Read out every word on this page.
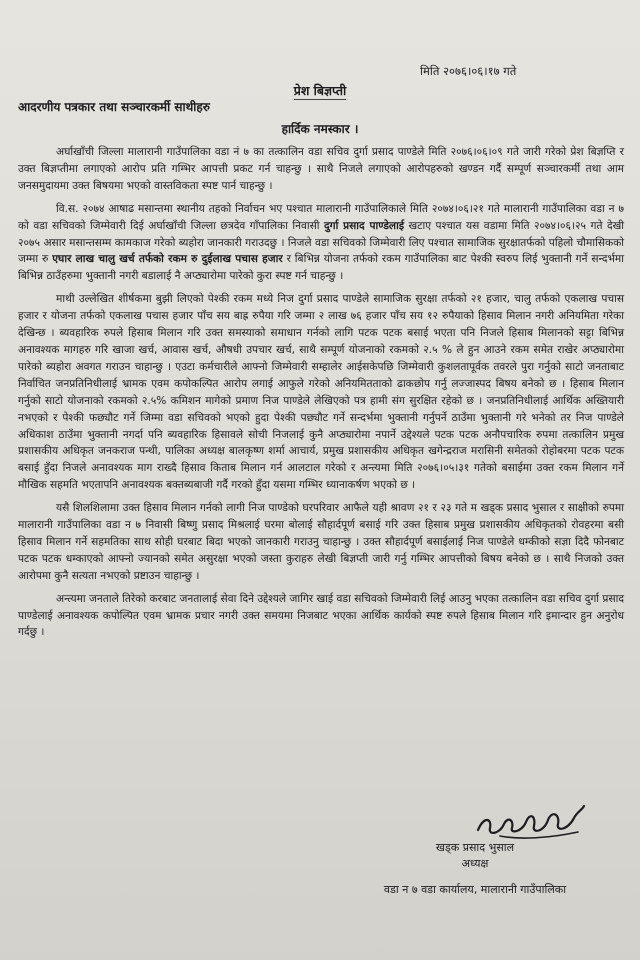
मिति २०७६।०६।१७ गते
प्रेश बिज्ञप्ती
आदरणीय पत्रकार तथा सञ्चारकर्मी साथीहरु
हार्दिक नमस्कार ।

अर्घाखाँची जिल्ला मालारानी गाउँपालिका वडा नं ७ का तत्कालिन वडा सचिव दुर्गा प्रसाद पाण्डेले मिति २०७६।०६।०९ गते जारी गरेको प्रेश बिज्ञप्ति र उक्त बिज्ञप्तीमा लगाएको आरोप प्रति गम्भिर आपत्ती प्रकट गर्न चाहन्छु । साथै निजले लगाएको आरोपहरुको खण्डन गर्दै सम्पूर्ण सञ्चारकर्मी तथा आम जनसमुदायमा उक्त बिषयमा भएको वास्तविकता स्पष्ट पार्न चाहन्छु ।

वि.स. २०७४ आषाढ मसान्तमा स्थानीय तहको निर्वाचन भए पश्चात मालारानी गाउँपालिकाले मिति २०७४।०६।२१ गते मालारानी गाउँपालिका वडा न ७ को वडा सचिवको जिम्मेवारी दिई अर्घाखाँची जिल्ला छत्रदेव गाँपालिका निवासी दुर्गा प्रसाद पाण्डेलाई खटाए पश्चात यस वडामा मिति २०७४।०६।२५ गते देखी २०७५ असार मसान्तसम्म कामकाज गरेको ब्यहोरा जानकारी गराउदछु । निजले वडा सचिवको जिम्मेवारी लिए पश्चात सामाजिक सुरक्षातर्फको पहिलो चौमासिकको जम्मा रु एघार लाख चालु खर्च तर्फको रकम रु दुईलाख पचास हजार र बिभिन्न योजना तर्फको रकम गाउँपालिका बाट पेश्की स्वरुप लिई भुक्तानी गर्ने सन्दर्भमा बिभिन्न ठाउँहरुमा भुक्तानी नगरी बडालाई नै अप्ठ्यारोमा पारेको कुरा स्पष्ट गर्न चाहन्छु ।

माथी उल्लेखित शीर्षकमा बुझी लिएको पेश्की रकम मध्ये निज दुर्गा प्रसाद पाण्डेले सामाजिक सुरक्षा तर्फको २१ हजार, चालु तर्फको एकलाख पचास हजार र योजना तर्फको एकलाख पचास हजार पाँच सय बाह्र रुपैया गरि जम्मा २ लाख ७६ हजार पाँच सय १२ रुपैयाको हिसाव मिलान नगरी अनियमिता गरेका देखिन्छ । ब्यवहारिक रुपले हिसाब मिलान गरि उक्त समस्याको समाधान गर्नको लागि पटक पटक बसाई भएता पनि निजले हिसाब मिलानको सट्टा बिभिन्न अनावश्यक मागहरु गरि खाजा खर्च, आवास खर्च, औषधी उपचार खर्च, साथै सम्पूर्ण योजनाको रकमको २.५ % ले हुन आउने रकम समेत राखेर अप्ठ्यारोमा पारेको ब्यहोरा अवगत गराउन चाहान्छु । एउटा कर्मचारीले आफ्नो जिम्मेवारी सम्हालेर आईसकेपछि जिम्मेवारी कुशलतापूर्वक तवरले पुरा गर्नुको साटो जनताबाट निर्वाचित जनप्रतिनिधीलाई भ्रामक एवम कपोकल्पित आरोप लगाई आफुले गरेको अनियमितताको ढाकछोप गर्नु लज्जास्पद बिषय बनेको छ । हिसाब मिलान गर्नुको साटो योजनाको रकमको २.५% कमिशन मागेको प्रमाण निज पाण्डेले लेखिएको पत्र हामी संग सुरक्षित रहेको छ । जनप्रतिनिधीलाई आर्थिक अख्तियारी नभएको र पेश्की फछ्यौट गर्ने जिम्मा वडा सचिवको भएको हुदा पेश्की पछ्यौट गर्ने सन्दर्भमा भुक्तानी गर्नुपर्ने ठाउँमा भुक्तानी गरे भनेको तर निज पाण्डेले अधिकाश ठाउँमा भुक्तानी नगर्दा पनि ब्यवहारिक हिसावले सोची निजलाई कुनै अप्ठ्यारोमा नपार्ने उद्देश्यले पटक पटक अनौपचारिक रुपमा तत्कालिन प्रमुख प्रशासकीय अधिकृत जनकराज पन्थी, पालिका अध्यक्ष बालकृष्ण शर्मा आचार्य, प्रमुख प्रशासकीय अधिकृत खगेन्द्रराज मरासिनी समेतको रोहोबरमा पटक पटक बसाई हुँदा निजले अनावश्यक माग राख्दै हिसाव किताब मिलान गर्न आलटाल गरेको र अन्त्यमा मिति २०७६।०५।३१ गतेको बसाईमा उक्त रकम मिलान गर्ने मौखिक सहमति भएतापनि अनावश्यक बक्तब्यबाजी गर्दै गरको हुँदा यसमा गम्भिर ध्यानाकर्षण भएको छ ।

यसै शिलशिलामा उक्त हिसाव मिलान गर्नको लागी निज पाण्डेको घरपरिवार आफैले यही श्रावण २१ र २३ गते म खड्क प्रसाद भुसाल र साक्षीको रुपमा मालारानी गाउँपालिका वडा न ७ निवासी बिष्णु प्रसाद मिश्रलाई घरमा बोलाई सौहार्दपूर्ण बसाई गरि उक्त हिसाब प्रमुख प्रशासकीय अधिकृतको रोवहरमा बसी हिसाव मिलान गर्ने सहमतिका साथ सोही घरबाट बिदा भएको जानकारी गराउनु चाहान्छु । उक्त सौहार्दपूर्ण बसाईलाई निज पाण्डेले धम्कीको सज्ञा दिदै फोनबाट पटक पटक धम्काएको आफ्नो ज्यानको समेत असुरक्षा भएको जस्ता कुराहरु लेखी बिज्ञप्ती जारी गर्नु गम्भिर आपत्तीको बिषय बनेको छ । साथै निजको उक्त आरोपमा कुनै सत्यता नभएको प्रष्टाउन चाहान्छु ।

अन्त्यमा जनताले तिरेको करबाट जनतालाई सेवा दिने उद्देश्यले जागिर खाई वडा सचिवको जिम्मेवारी लिई आउनु भएका तत्कालिन वडा सचिव दुर्गा प्रसाद पाण्डेलाई अनावश्यक कपोल्पित एवम भ्रामक प्रचार नगरी उक्त समयमा निजबाट भएका आर्थिक कार्यको स्पष्ट रुपले हिसाब मिलान गरि इमान्दार हुन अनुरोध गर्दछु ।

खड्क प्रसाद भुसाल
अध्यक्ष
वडा न ७ वडा कार्यालय, मालारानी गाउँपालिका
